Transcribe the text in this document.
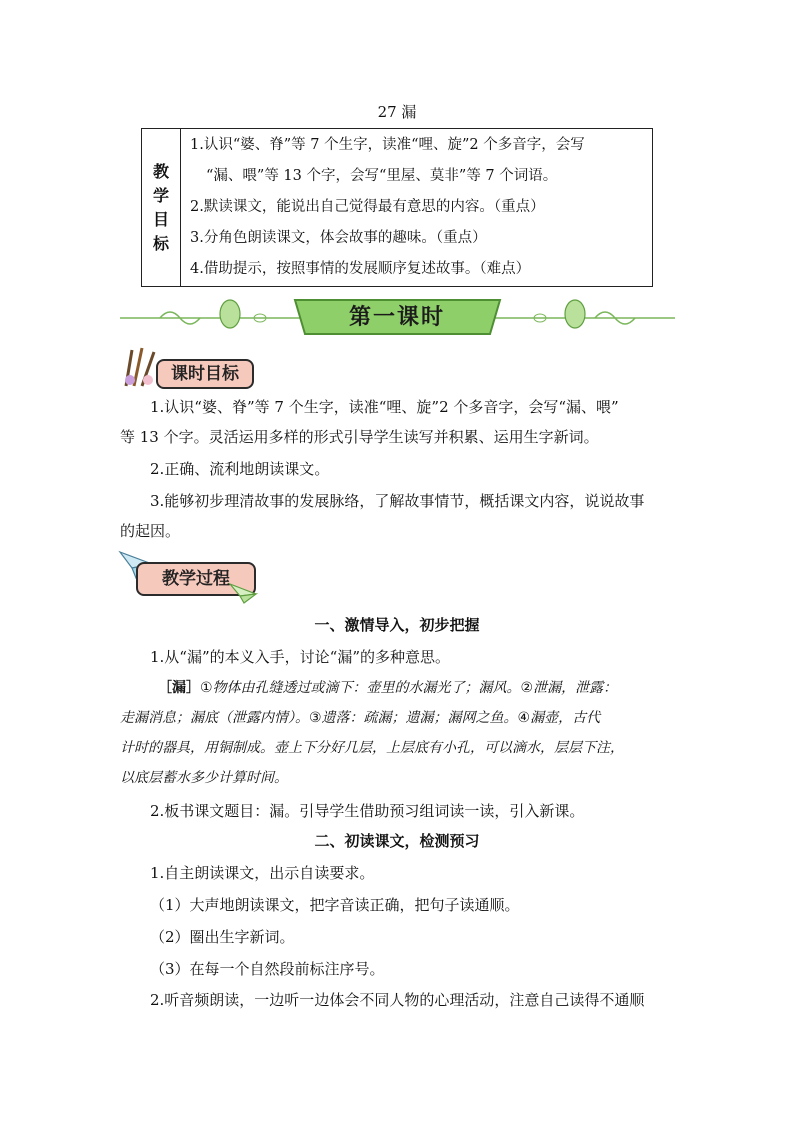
27 漏
教
学
目
标

1.认识“婆、脊”等 7 个生字，读准“哩、旋”2 个多音字，会写
“漏、喂”等 13 个字，会写“里屋、莫非”等 7 个词语。
2.默读课文，能说出自己觉得最有意思的内容。（重点）
3.分角色朗读课文，体会故事的趣味。（重点）
4.借助提示，按照事情的发展顺序复述故事。（难点）
第一课时
课时目标
1.认识“婆、脊”等 7 个生字，读准“哩、旋”2 个多音字，会写“漏、喂”
等 13 个字。灵活运用多样的形式引导学生读写并积累、运用生字新词。
2.正确、流利地朗读课文。
3.能够初步理清故事的发展脉络，了解故事情节，概括课文内容，说说故事
的起因。
教学过程
一、激情导入，初步把握
1.从“漏”的本义入手，讨论“漏”的多种意思。
［漏］①物体由孔缝透过或滴下：壶里的水漏光了；漏风。②泄漏，泄露：
走漏消息；漏底（泄露内情）。③遗落：疏漏；遗漏；漏网之鱼。④漏壶，古代
计时的器具，用铜制成。壶上下分好几层，上层底有小孔，可以滴水，层层下注，
以底层蓄水多少计算时间。
2.板书课文题目：漏。引导学生借助预习组词读一读，引入新课。
二、初读课文，检测预习
1.自主朗读课文，出示自读要求。
（1）大声地朗读课文，把字音读正确，把句子读通顺。
（2）圈出生字新词。
（3）在每一个自然段前标注序号。
2.听音频朗读，一边听一边体会不同人物的心理活动，注意自己读得不通顺
